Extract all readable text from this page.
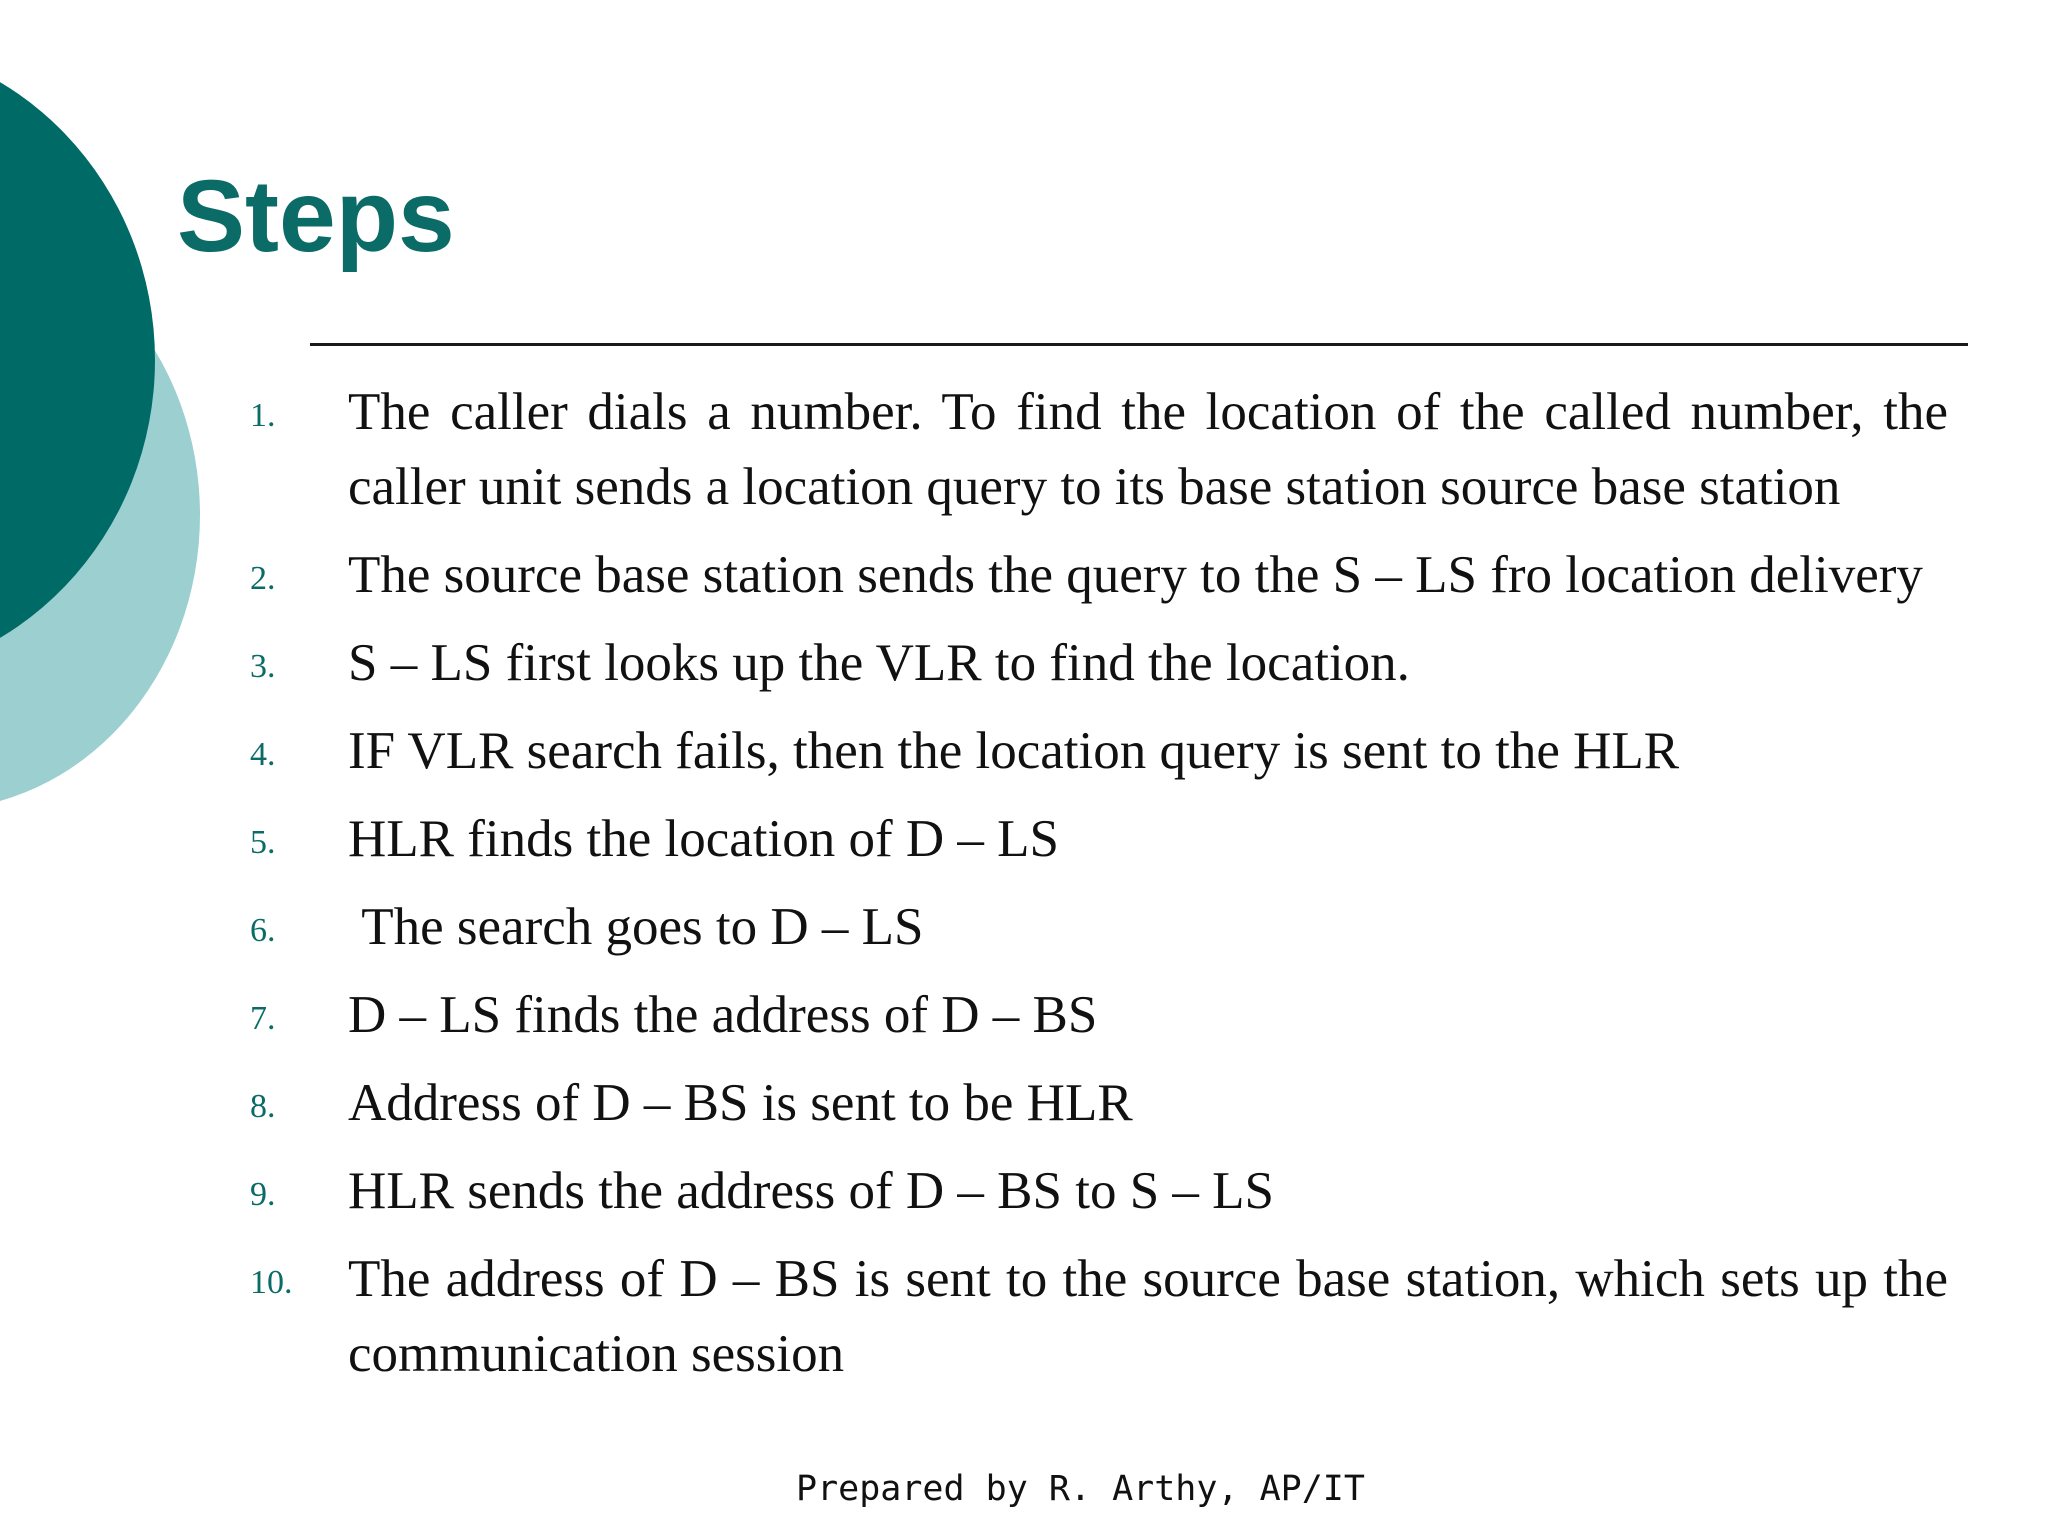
Steps
1.	The caller dials a number. To find the location of the called number, the caller unit sends a location query to its base station source base station
2.	The source base station sends the query to the S – LS fro location delivery
3.	S – LS first looks up the VLR to find the location.
4.	IF VLR search fails, then the location query is sent to the HLR
5.	HLR finds the location of D – LS
6.	The search goes to D – LS
7.	D – LS finds the address of D – BS
8.	Address of D – BS is sent to be HLR
9.	HLR sends the address of D – BS to S – LS
10.	The address of D – BS is sent to the source base station, which sets up the communication session
Prepared by R. Arthy, AP/IT
